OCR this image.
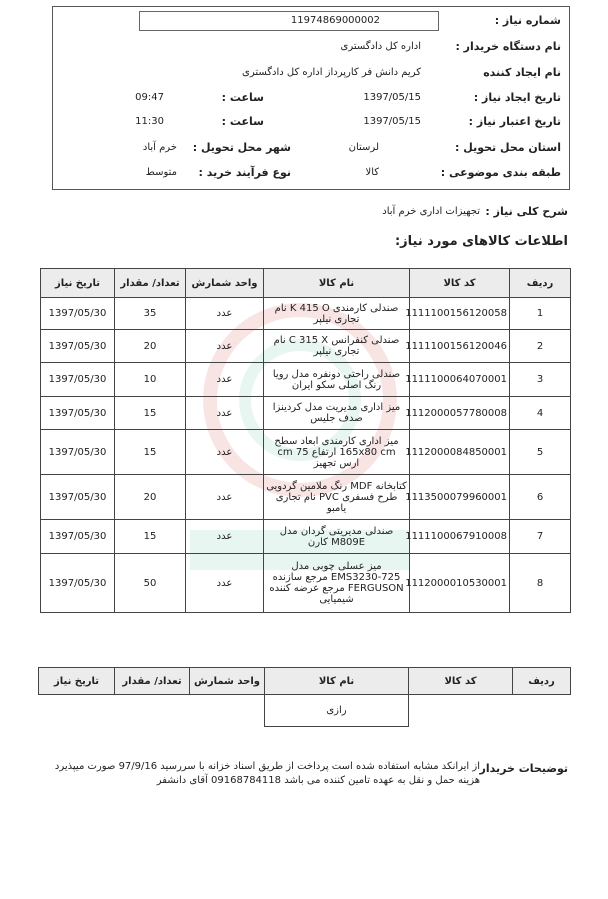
شماره نیاز :
11974869000002
نام دستگاه خریدار :
اداره کل دادگستری
نام ایجاد کننده
کریم دانش فر کارپرداز اداره کل دادگستری
تاریخ ایجاد نیاز :
1397/05/15
ساعت :
09:47
تاریخ اعتبار نیاز :
1397/05/15
ساعت :
11:30
استان محل تحویل :
لرستان
شهر محل تحویل :
خرم آباد
طبقه بندی موضوعی :
کالا
نوع فرآیند خرید :
متوسط
شرح کلی نیاز :
تجهیزات اداری خرم آباد
اطلاعات کالاهای مورد نیاز:
ردیف	کد کالا	نام کالا	واحد شمارش	تعداد/ مقدار	تاریخ نیاز
1	1111100156120058	صندلی کارمندی K 415 O نام تجاری نیلپر	عدد	35	1397/05/30
2	1111100156120046	صندلی کنفرانس C 315 X نام تجاری نیلپر	عدد	20	1397/05/30
3	1111100064070001	صندلی راحتی دونفره مدل رویا رنگ اصلی سکو ایران	عدد	10	1397/05/30
4	1112000057780008	میز اداری مدیریت مدل کردینزا صدف جلیس	عدد	15	1397/05/30
5	1112000084850001	میز اداری کارمندی ابعاد سطح 165x80 cm ارتفاع 75 cm ارس تجهیز	عدد	15	1397/05/30
6	1113500079960001	کتابخانه MDF رنگ ملامین گردویی طرح فسفری PVC نام تجاری یامبو	عدد	20	1397/05/30
7	1111100067910008	صندلی مدیریتی گردان مدل M809E کارن	عدد	15	1397/05/30
8	1112000010530001	میز عسلی چوبی مدل EMS3230-725 مرجع سازنده FERGUSON مرجع عرضه کننده شیمیایی	عدد	50	1397/05/30
ردیف	کد کالا	نام کالا	واحد شمارش	تعداد/ مقدار	تاریخ نیاز
		رازی			
توضیحات خریدار
از ایرانکد مشابه استفاده شده است پرداخت از طریق اسناد خزانه با سررسید 97/9/16 صورت میپذیرد هزینه حمل و نقل به عهده تامین کننده می باشد 09168784118 آقای دانشفر
